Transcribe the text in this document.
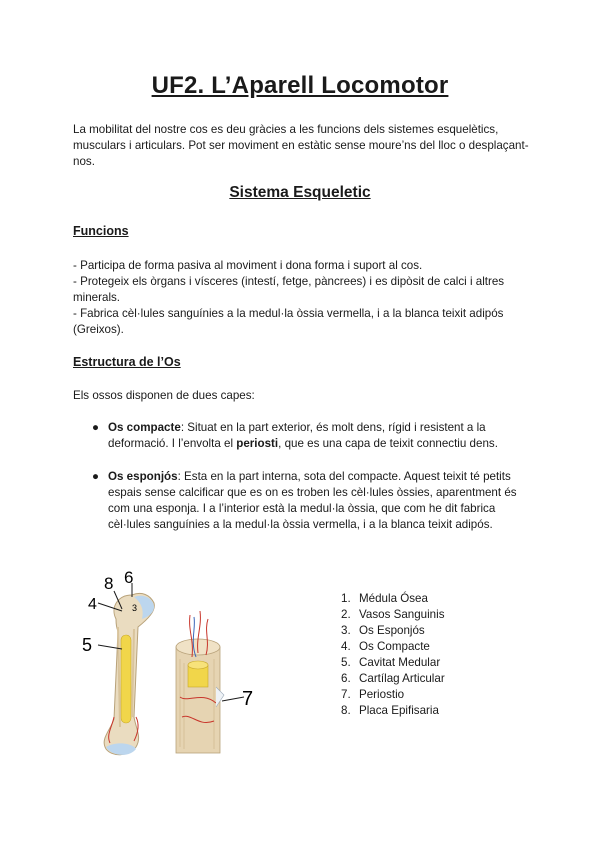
UF2. L’Aparell Locomotor
La mobilitat del nostre cos es deu gràcies a les funcions dels sistemes esquelètics, musculars i articulars. Pot ser moviment en estàtic sense moure’ns del lloc o desplaçant-nos.
Sistema Esqueletic
Funcions
- Participa de forma pasiva al moviment i dona forma i suport al cos.
- Protegeix els òrgans i vísceres (intestí, fetge, pàncrees) i es dipòsit de calci i altres minerals.
- Fabrica cèl·lules sanguínies a la medul·la òssia vermella, i a la blanca teixit adipós (Greixos).
Estructura de l’Os
Els ossos disponen de dues capes:
● Os compacte: Situat en la part exterior, és molt dens, rígid i resistent a la deformació. I l’envolta el periosti, que es una capa de teixit connectiu dens.
● Os esponjós: Esta en la part interna, sota del compacte. Aquest teixit té petits espais sense calcificar que es on es troben les cèl·lules òssies, aparentment és com una esponja. I a l’interior està la medul·la òssia, que com he dit fabrica cèl·lules sanguínies a la medul·la òssia vermella, i a la blanca teixit adipós.
8 6
4	3
5
7
1. Médula Ósea
2. Vasos Sanguinis
3. Os Esponjós
4. Os Compacte
5. Cavitat Medular
6. Cartílag Articular
7. Periostio
8. Placa Epifisaria
